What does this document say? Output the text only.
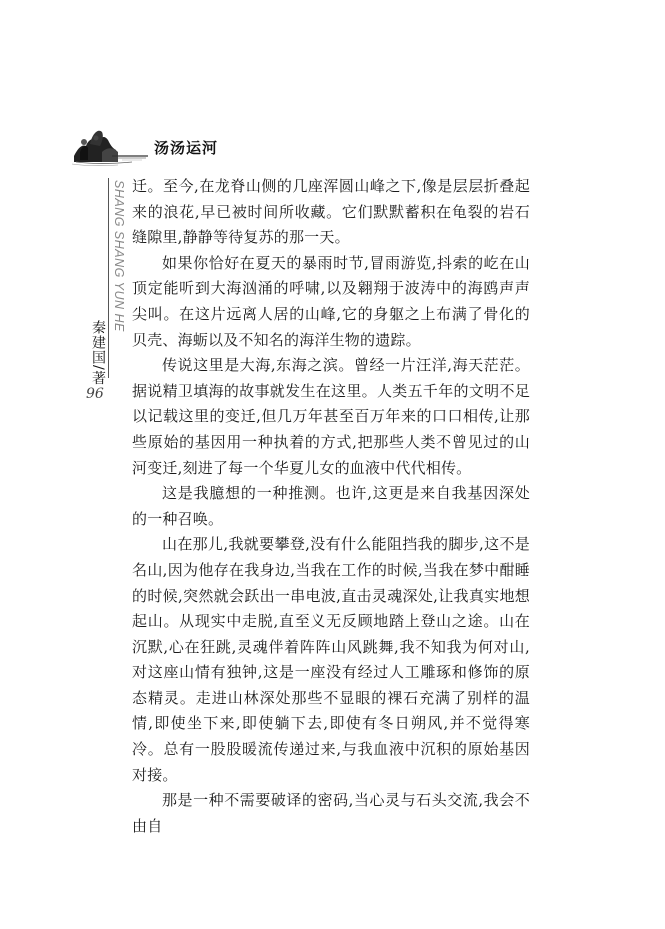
汤汤运河
SHANG SHANG YUN HE
秦建国/著
96

迁。至今,在龙脊山侧的几座浑圆山峰之下,像是层层折叠起来的浪花,早已被时间所收藏。它们默默蓄积在龟裂的岩石缝隙里,静静等待复苏的那一天。

如果你恰好在夏天的暴雨时节,冒雨游览,抖索的屹在山顶定能听到大海汹涌的呼啸,以及翱翔于波涛中的海鸥声声尖叫。在这片远离人居的山峰,它的身躯之上布满了骨化的贝壳、海蛎以及不知名的海洋生物的遗踪。

传说这里是大海,东海之滨。曾经一片汪洋,海天茫茫。据说精卫填海的故事就发生在这里。人类五千年的文明不足以记载这里的变迁,但几万年甚至百万年来的口口相传,让那些原始的基因用一种执着的方式,把那些人类不曾见过的山河变迁,刻进了每一个华夏儿女的血液中代代相传。

这是我臆想的一种推测。也许,这更是来自我基因深处的一种召唤。

山在那儿,我就要攀登,没有什么能阻挡我的脚步,这不是名山,因为他存在我身边,当我在工作的时候,当我在梦中酣睡的时候,突然就会跃出一串电波,直击灵魂深处,让我真实地想起山。从现实中走脱,直至义无反顾地踏上登山之途。山在沉默,心在狂跳,灵魂伴着阵阵山风跳舞,我不知我为何对山,对这座山情有独钟,这是一座没有经过人工雕琢和修饰的原态精灵。走进山林深处那些不显眼的裸石充满了别样的温情,即使坐下来,即使躺下去,即使有冬日朔风,并不觉得寒冷。总有一股股暖流传递过来,与我血液中沉积的原始基因对接。

那是一种不需要破译的密码,当心灵与石头交流,我会不由自
